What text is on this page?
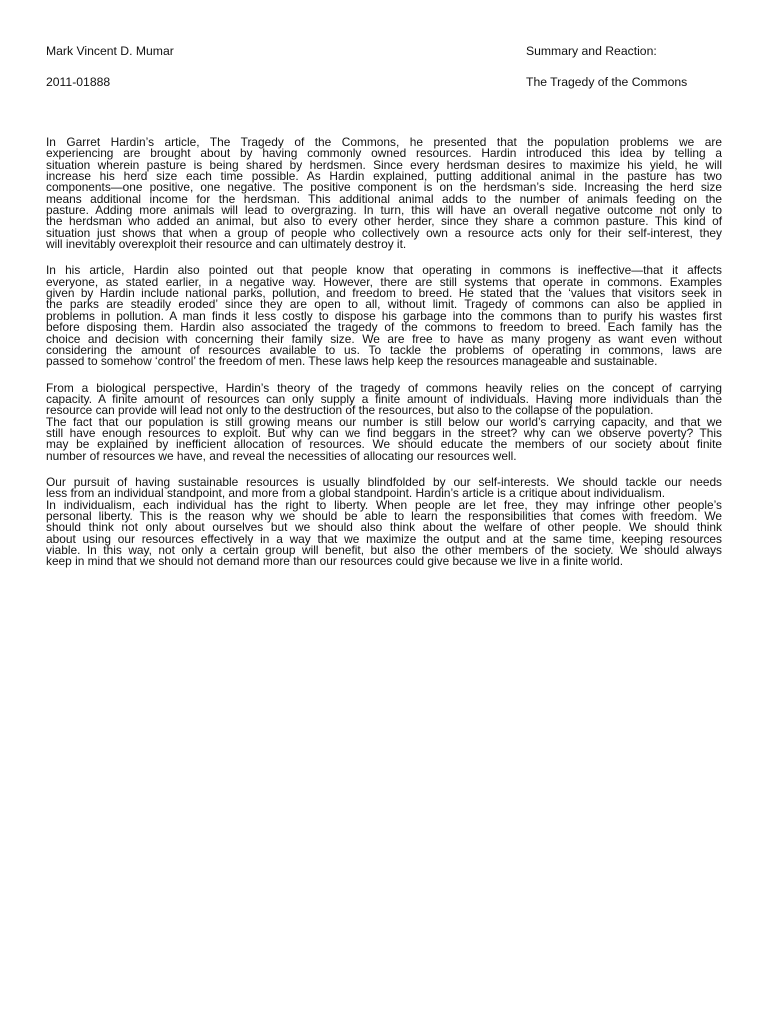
Mark Vincent D. Mumar

2011-01888

Summary and Reaction:

The Tragedy of the Commons

In Garret Hardin’s article, The Tragedy of the Commons, he presented that the population problems we are
experiencing are brought about by having commonly owned resources. Hardin introduced this idea by telling a
situation wherein pasture is being shared by herdsmen. Since every herdsman desires to maximize his yield, he will
increase his herd size each time possible. As Hardin explained, putting additional animal in the pasture has two
components—one positive, one negative. The positive component is on the herdsman’s side. Increasing the herd size
means additional income for the herdsman. This additional animal adds to the number of animals feeding on the
pasture. Adding more animals will lead to overgrazing. In turn, this will have an overall negative outcome not only to
the herdsman who added an animal, but also to every other herder, since they share a common pasture. This kind of
situation just shows that when a group of people who collectively own a resource acts only for their self-interest, they
will inevitably overexploit their resource and can ultimately destroy it.
In his article, Hardin also pointed out that people know that operating in commons is ineffective—that it affects
everyone, as stated earlier, in a negative way. However, there are still systems that operate in commons. Examples
given by Hardin include national parks, pollution, and freedom to breed. He stated that the ‘values that visitors seek in
the parks are steadily eroded’ since they are open to all, without limit. Tragedy of commons can also be applied in
problems in pollution. A man finds it less costly to dispose his garbage into the commons than to purify his wastes first
before disposing them. Hardin also associated the tragedy of the commons to freedom to breed. Each family has the
choice and decision with concerning their family size. We are free to have as many progeny as want even without
considering the amount of resources available to us. To tackle the problems of operating in commons, laws are
passed to somehow ‘control’ the freedom of men. These laws help keep the resources manageable and sustainable.
From a biological perspective, Hardin’s theory of the tragedy of commons heavily relies on the concept of carrying
capacity. A finite amount of resources can only supply a finite amount of individuals. Having more individuals than the
resource can provide will lead not only to the destruction of the resources, but also to the collapse of the population.
The fact that our population is still growing means our number is still below our world’s carrying capacity, and that we
still have enough resources to exploit. But why can we find beggars in the street? why can we observe poverty? This
may be explained by inefficient allocation of resources. We should educate the members of our society about finite
number of resources we have, and reveal the necessities of allocating our resources well.
Our pursuit of having sustainable resources is usually blindfolded by our self-interests. We should tackle our needs
less from an individual standpoint, and more from a global standpoint. Hardin’s article is a critique about individualism.
In individualism, each individual has the right to liberty. When people are let free, they may infringe other people’s
personal liberty. This is the reason why we should be able to learn the responsibilities that comes with freedom. We
should think not only about ourselves but we should also think about the welfare of other people. We should think
about using our resources effectively in a way that we maximize the output and at the same time, keeping resources
viable. In this way, not only a certain group will benefit, but also the other members of the society. We should always
keep in mind that we should not demand more than our resources could give because we live in a finite world.
